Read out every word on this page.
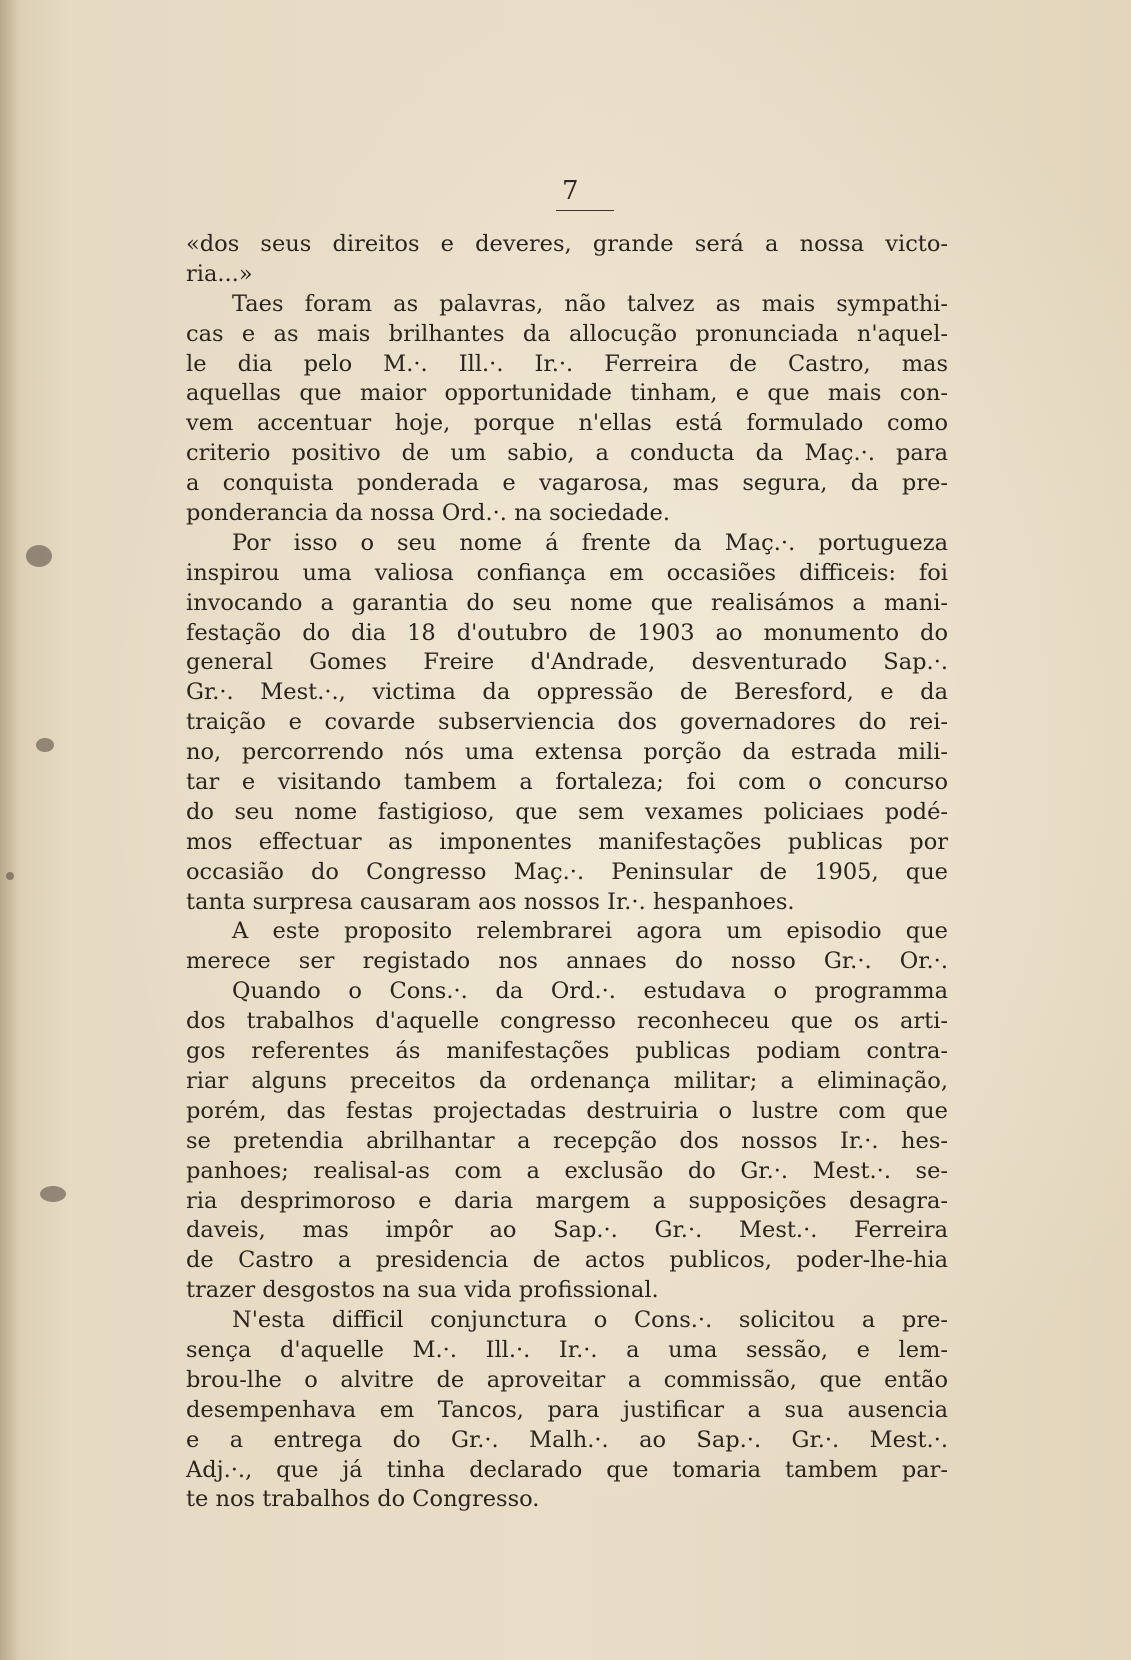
7
«dos seus direitos e deveres, grande será a nossa victo-
ria...»
Taes foram as palavras, não talvez as mais sympathi-
cas e as mais brilhantes da allocução pronunciada n'aquel-
le dia pelo M.·. Ill.·. Ir.·. Ferreira de Castro, mas
aquellas que maior opportunidade tinham, e que mais con-
vem accentuar hoje, porque n'ellas está formulado como
criterio positivo de um sabio, a conducta da Maç.·. para
a conquista ponderada e vagarosa, mas segura, da pre-
ponderancia da nossa Ord.·. na sociedade.
Por isso o seu nome á frente da Maç.·. portugueza
inspirou uma valiosa confiança em occasiões difficeis: foi
invocando a garantia do seu nome que realisámos a mani-
festação do dia 18 d'outubro de 1903 ao monumento do
general Gomes Freire d'Andrade, desventurado Sap.·.
Gr.·. Mest.·., victima da oppressão de Beresford, e da
traição e covarde subserviencia dos governadores do rei-
no, percorrendo nós uma extensa porção da estrada mili-
tar e visitando tambem a fortaleza; foi com o concurso
do seu nome fastigioso, que sem vexames policiaes podé-
mos effectuar as imponentes manifestações publicas por
occasião do Congresso Maç.·. Peninsular de 1905, que
tanta surpresa causaram aos nossos Ir.·. hespanhoes.
A este proposito relembrarei agora um episodio que
merece ser registado nos annaes do nosso Gr.·. Or.·.
Quando o Cons.·. da Ord.·. estudava o programma
dos trabalhos d'aquelle congresso reconheceu que os arti-
gos referentes ás manifestações publicas podiam contra-
riar alguns preceitos da ordenança militar; a eliminação,
porém, das festas projectadas destruiria o lustre com que
se pretendia abrilhantar a recepção dos nossos Ir.·. hes-
panhoes; realisal-as com a exclusão do Gr.·. Mest.·. se-
ria desprimoroso e daria margem a supposições desagra-
daveis, mas impôr ao Sap.·. Gr.·. Mest.·. Ferreira
de Castro a presidencia de actos publicos, poder-lhe-hia
trazer desgostos na sua vida profissional.
N'esta difficil conjunctura o Cons.·. solicitou a pre-
sença d'aquelle M.·. Ill.·. Ir.·. a uma sessão, e lem-
brou-lhe o alvitre de aproveitar a commissão, que então
desempenhava em Tancos, para justificar a sua ausencia
e a entrega do Gr.·. Malh.·. ao Sap.·. Gr.·. Mest.·.
Adj.·., que já tinha declarado que tomaria tambem par-
te nos trabalhos do Congresso.
